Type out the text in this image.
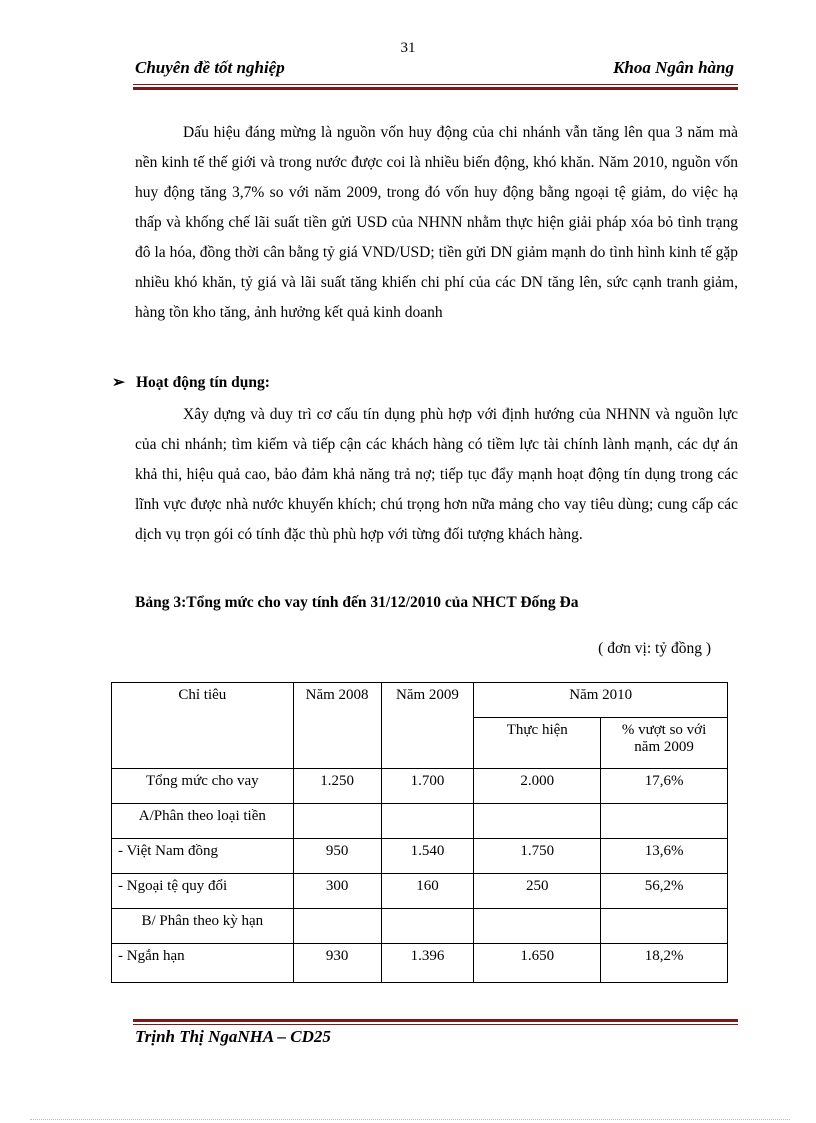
31
Chuyên đề tốt nghiệp	Khoa Ngân hàng
Dấu hiệu đáng mừng là nguồn vốn huy động của chi nhánh vẫn tăng lên qua 3 năm mà nền kinh tế thế giới và trong nước được coi là nhiều biến động, khó khăn. Năm 2010, nguồn vốn huy động tăng 3,7% so với năm 2009, trong đó vốn huy động bằng ngoại tệ giảm, do việc hạ thấp và khống chế lãi suất tiền gửi USD của NHNN nhằm thực hiện giải pháp xóa bỏ tình trạng đô la hóa, đồng thời cân bằng tỷ giá VND/USD; tiền gửi DN giảm mạnh do tình hình kinh tế gặp nhiều khó khăn, tỷ giá và lãi suất tăng khiến chi phí của các DN tăng lên, sức cạnh tranh giảm, hàng tồn kho tăng, ảnh hưởng kết quả kinh doanh
➢ Hoạt động tín dụng:
Xây dựng và duy trì cơ cấu tín dụng phù hợp với định hướng của NHNN và nguồn lực của chi nhánh; tìm kiếm và tiếp cận các khách hàng có tiềm lực tài chính lành mạnh, các dự án khả thi, hiệu quả cao, bảo đảm khả năng trả nợ; tiếp tục đẩy mạnh hoạt động tín dụng trong các lĩnh vực được nhà nước khuyến khích; chú trọng hơn nữa mảng cho vay tiêu dùng; cung cấp các dịch vụ trọn gói có tính đặc thù phù hợp với từng đối tượng khách hàng.
Bảng 3:Tổng mức cho vay tính đến 31/12/2010 của NHCT Đống Đa
( đơn vị: tỷ đồng )
Chỉ tiêu	Năm 2008	Năm 2009	Năm 2010	
			Thực hiện	% vượt so với năm 2009
Tổng mức cho vay	1.250	1.700	2.000	17,6%
A/Phân theo loại tiền				
- Việt Nam đồng	950	1.540	1.750	13,6%
- Ngoại tệ quy đổi	300	160	250	56,2%
B/ Phân theo kỳ hạn				
- Ngắn hạn	930	1.396	1.650	18,2%
Trịnh Thị NgaNHA – CD25
